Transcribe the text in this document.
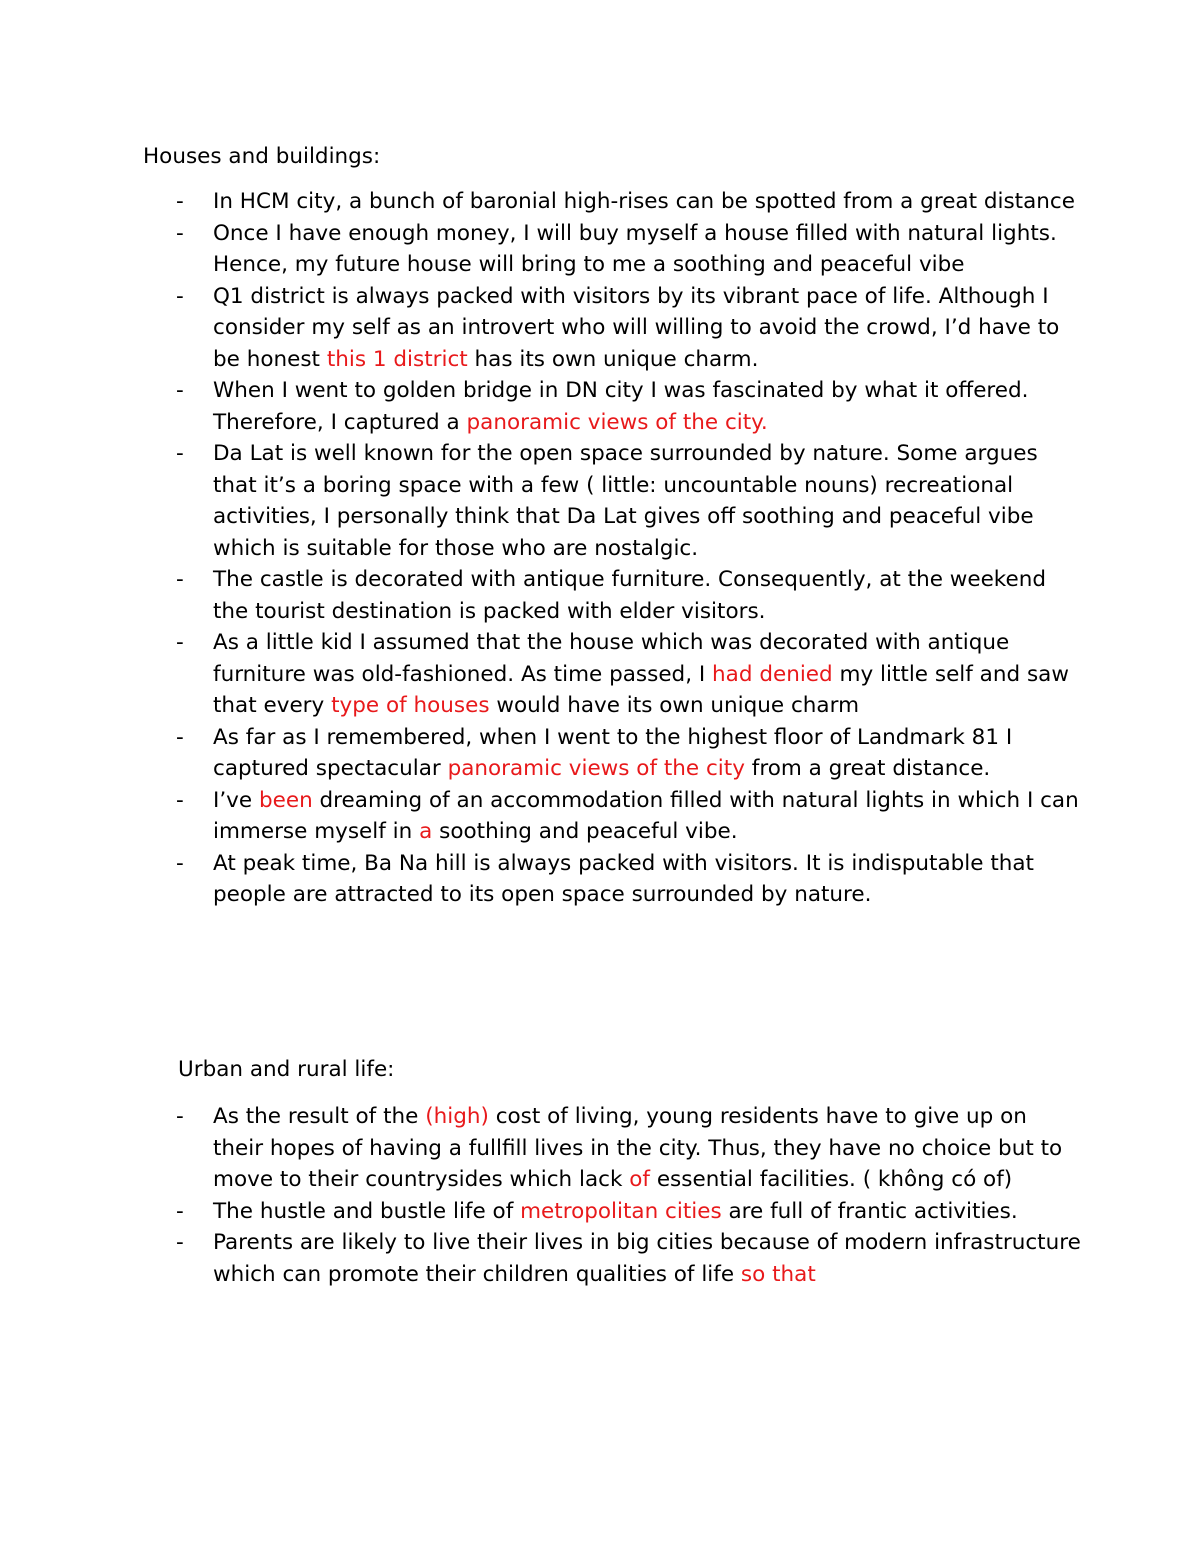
Houses and buildings:

- In HCM city, a bunch of baronial high-rises can be spotted from a great distance
- Once I have enough money, I will buy myself a house filled with natural lights. Hence, my future house will bring to me a soothing and peaceful vibe
- Q1 district is always packed with visitors by its vibrant pace of life. Although I consider my self as an introvert who will willing to avoid the crowd, I’d have to be honest this 1 district has its own unique charm.
- When I went to golden bridge in DN city I was fascinated by what it offered. Therefore, I captured a panoramic views of the city.
- Da Lat is well known for the open space surrounded by nature. Some argues that it’s a boring space with a few ( little: uncountable nouns) recreational activities, I personally think that Da Lat gives off soothing and peaceful vibe which is suitable for those who are nostalgic.
- The castle is decorated with antique furniture. Consequently, at the weekend the tourist destination is packed with elder visitors.
- As a little kid I assumed that the house which was decorated with antique furniture was old-fashioned. As time passed, I had denied my little self and saw that every type of houses would have its own unique charm
- As far as I remembered, when I went to the highest floor of Landmark 81 I captured spectacular panoramic views of the city from a great distance.
- I’ve been dreaming of an accommodation filled with natural lights in which I can immerse myself in a soothing and peaceful vibe.
- At peak time, Ba Na hill is always packed with visitors. It is indisputable that people are attracted to its open space surrounded by nature.

Urban and rural life:

- As the result of the (high) cost of living, young residents have to give up on their hopes of having a fullfill lives in the city. Thus, they have no choice but to move to their countrysides which lack of essential facilities. ( không có of)
- The hustle and bustle life of metropolitan cities are full of frantic activities.
- Parents are likely to live their lives in big cities because of modern infrastructure which can promote their children qualities of life so that
